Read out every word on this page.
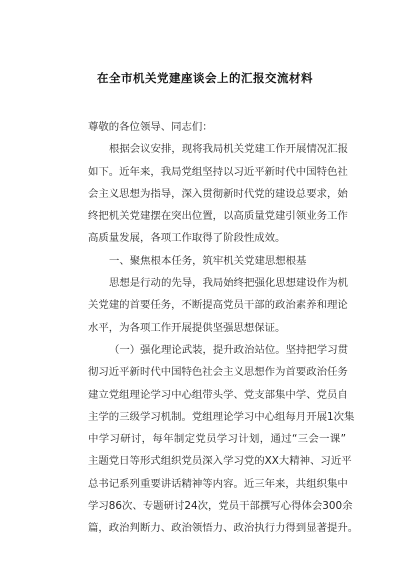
在全市机关党建座谈会上的汇报交流材料
尊敬的各位领导、同志们：
根据会议安排，现将我局机关党建工作开展情况汇报
如下。近年来，我局党组坚持以习近平新时代中国特色社
会主义思想为指导，深入贯彻新时代党的建设总要求，始
终把机关党建摆在突出位置，以高质量党建引领业务工作
高质量发展，各项工作取得了阶段性成效。
一、聚焦根本任务，筑牢机关党建思想根基
思想是行动的先导，我局始终把强化思想建设作为机
关党建的首要任务，不断提高党员干部的政治素养和理论
水平，为各项工作开展提供坚强思想保证。
（一）强化理论武装，提升政治站位。坚持把学习贯
彻习近平新时代中国特色社会主义思想作为首要政治任务
建立党组理论学习中心组带头学、党支部集中学、党员自
主学的三级学习机制。党组理论学习中心组每月开展1次集
中学习研讨，每年制定党员学习计划，通过“三会一课”
主题党日等形式组织党员深入学习党的XX大精神、习近平
总书记系列重要讲话精神等内容。近三年来，共组织集中
学习86次、专题研讨24次，党员干部撰写心得体会300余
篇，政治判断力、政治领悟力、政治执行力得到显著提升。
